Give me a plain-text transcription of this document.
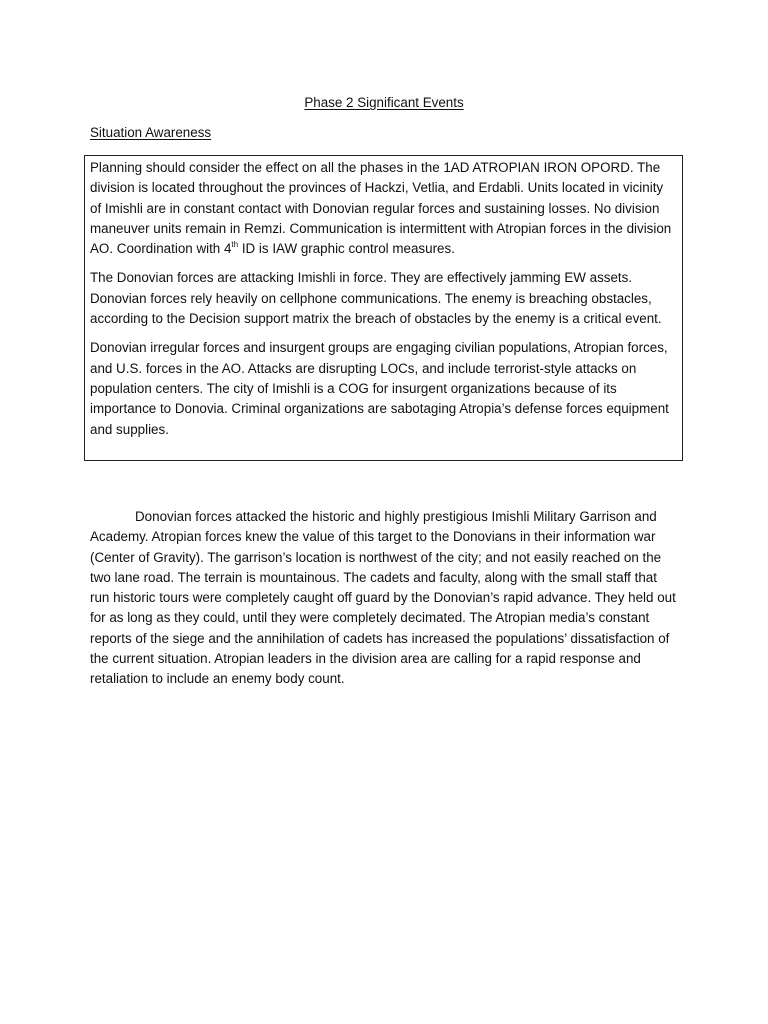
Phase 2 Significant Events
Situation Awareness

Planning should consider the effect on all the phases in the 1AD ATROPIAN IRON OPORD. The division is located throughout the provinces of Hackzi, Vetlia, and Erdabli. Units located in vicinity of Imishli are in constant contact with Donovian regular forces and sustaining losses. No division maneuver units remain in Remzi. Communication is intermittent with Atropian forces in the division AO. Coordination with 4th ID is IAW graphic control measures.

The Donovian forces are attacking Imishli in force. They are effectively jamming EW assets. Donovian forces rely heavily on cellphone communications. The enemy is breaching obstacles, according to the Decision support matrix the breach of obstacles by the enemy is a critical event.

Donovian irregular forces and insurgent groups are engaging civilian populations, Atropian forces, and U.S. forces in the AO. Attacks are disrupting LOCs, and include terrorist-style attacks on population centers. The city of Imishli is a COG for insurgent organizations because of its importance to Donovia. Criminal organizations are sabotaging Atropia’s defense forces equipment and supplies.

Donovian forces attacked the historic and highly prestigious Imishli Military Garrison and Academy. Atropian forces knew the value of this target to the Donovians in their information war (Center of Gravity). The garrison’s location is northwest of the city; and not easily reached on the two lane road. The terrain is mountainous. The cadets and faculty, along with the small staff that run historic tours were completely caught off guard by the Donovian’s rapid advance. They held out for as long as they could, until they were completely decimated. The Atropian media’s constant reports of the siege and the annihilation of cadets has increased the populations’ dissatisfaction of the current situation. Atropian leaders in the division area are calling for a rapid response and retaliation to include an enemy body count.
